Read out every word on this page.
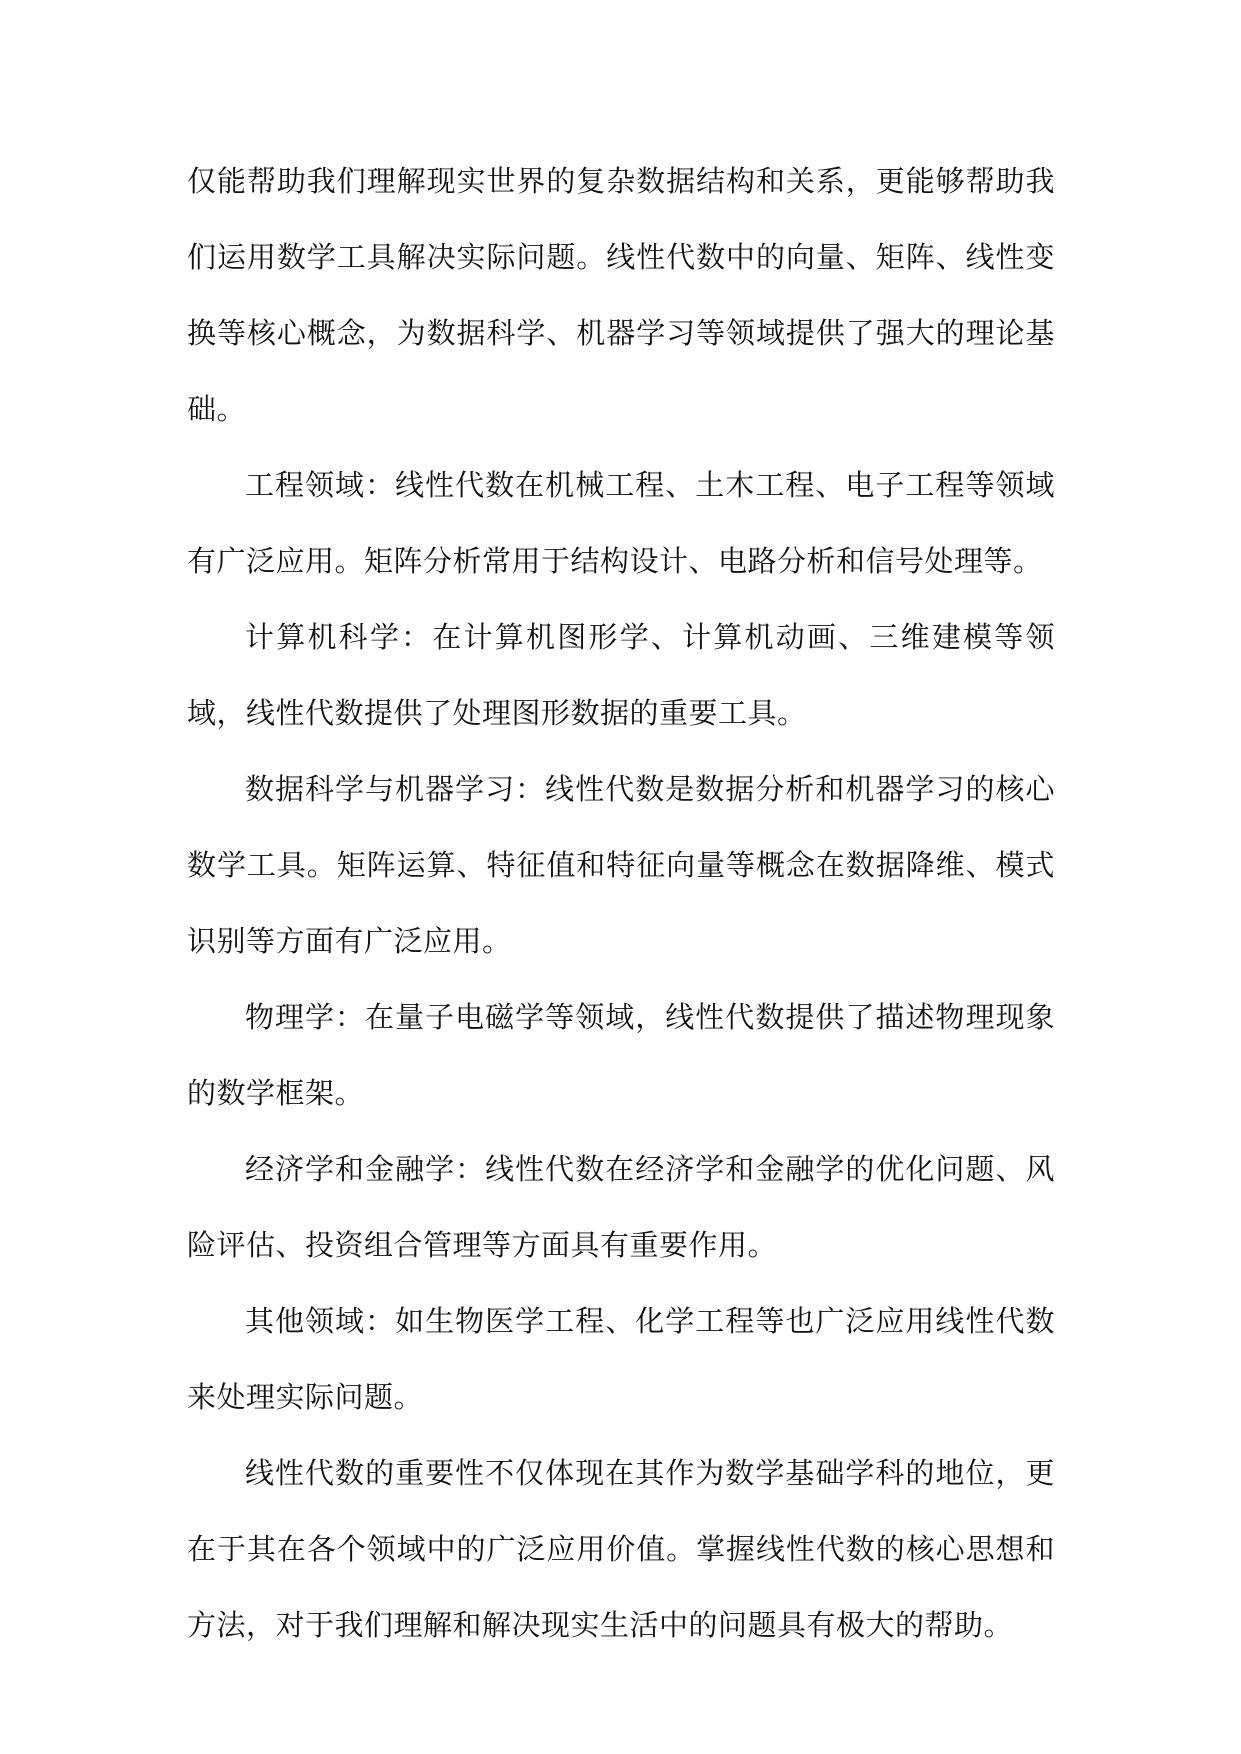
仅能帮助我们理解现实世界的复杂数据结构和关系，更能够帮助我们运用数学工具解决实际问题。线性代数中的向量、矩阵、线性变换等核心概念，为数据科学、机器学习等领域提供了强大的理论基础。

工程领域：线性代数在机械工程、土木工程、电子工程等领域有广泛应用。矩阵分析常用于结构设计、电路分析和信号处理等。

计算机科学：在计算机图形学、计算机动画、三维建模等领域，线性代数提供了处理图形数据的重要工具。

数据科学与机器学习：线性代数是数据分析和机器学习的核心数学工具。矩阵运算、特征值和特征向量等概念在数据降维、模式识别等方面有广泛应用。

物理学：在量子电磁学等领域，线性代数提供了描述物理现象的数学框架。

经济学和金融学：线性代数在经济学和金融学的优化问题、风险评估、投资组合管理等方面具有重要作用。

其他领域：如生物医学工程、化学工程等也广泛应用线性代数来处理实际问题。

线性代数的重要性不仅体现在其作为数学基础学科的地位，更在于其在各个领域中的广泛应用价值。掌握线性代数的核心思想和方法，对于我们理解和解决现实生活中的问题具有极大的帮助。
